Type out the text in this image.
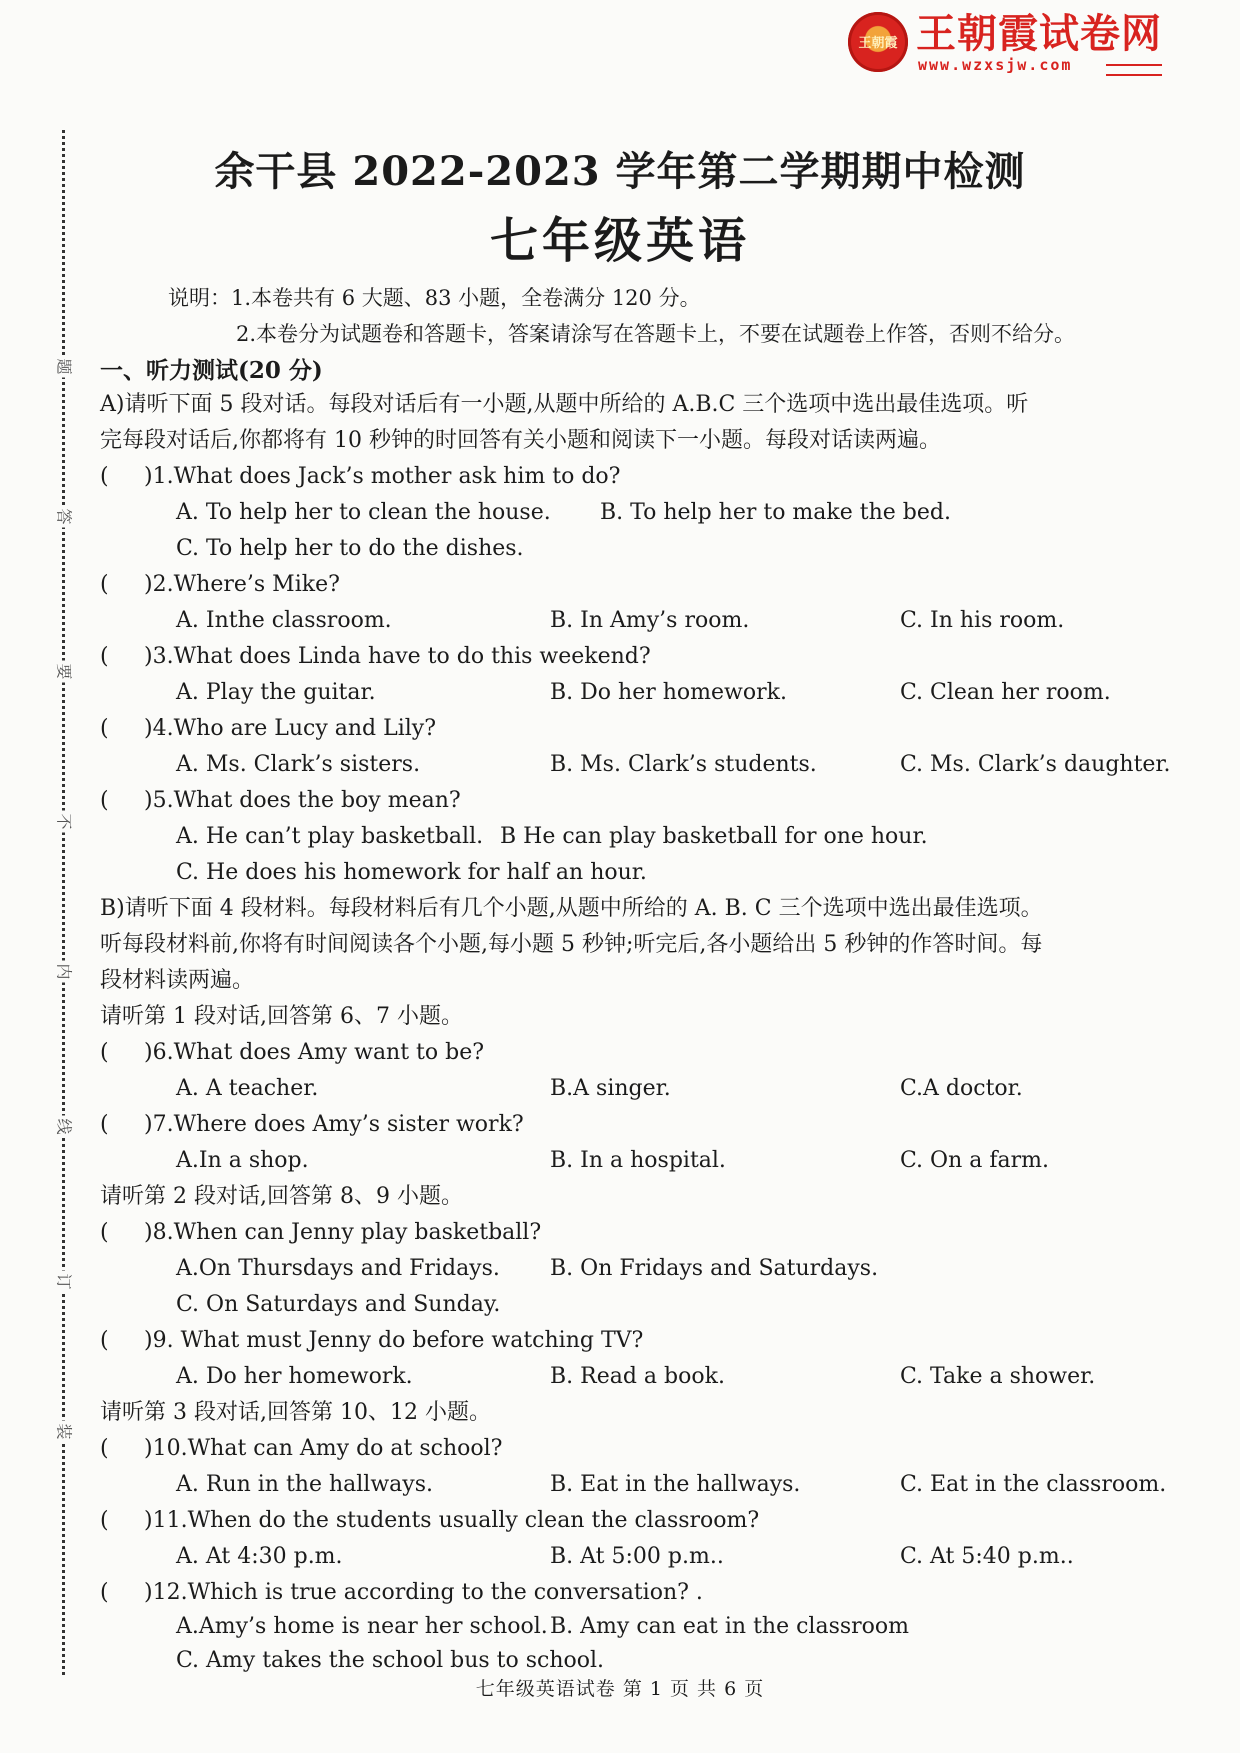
王朝霞 王朝霞试卷网
www.wzxsjw.com
题
答
要
不
内
线
订
装
余干县 2022-2023 学年第二学期期中检测
七年级英语
说明：1.本卷共有 6 大题、83 小题，全卷满分 120 分。
2.本卷分为试题卷和答题卡，答案请涂写在答题卡上，不要在试题卷上作答，否则不给分。
一、听力测试(20 分)
A)请听下面 5 段对话。每段对话后有一小题,从题中所给的 A.B.C 三个选项中选出最佳选项。听
完每段对话后,你都将有 10 秒钟的时回答有关小题和阅读下一小题。每段对话读两遍。
( )1.What does Jack’s mother ask him to do?
A. To help her to clean the house. B. To help her to make the bed.
C. To help her to do the dishes.
( )2.Where’s Mike?
A. Inthe classroom.	B. In Amy’s room.	C. In his room.
( )3.What does Linda have to do this weekend?
A. Play the guitar.	B. Do her homework.	C. Clean her room.
( )4.Who are Lucy and Lily?
A. Ms. Clark’s sisters.	B. Ms. Clark’s students.	C. Ms. Clark’s daughter.
( )5.What does the boy mean?
A. He can’t play basketball. B He can play basketball for one hour.
C. He does his homework for half an hour.
B)请听下面 4 段材料。每段材料后有几个小题,从题中所给的 A. B. C 三个选项中选出最佳选项。
听每段材料前,你将有时间阅读各个小题,每小题 5 秒钟;听完后,各小题给出 5 秒钟的作答时间。每
段材料读两遍。
请听第 1 段对话,回答第 6、7 小题。
( )6.What does Amy want to be?
A. A teacher.	B.A singer.	C.A doctor.
( )7.Where does Amy’s sister work?
A.In a shop.	B. In a hospital.	C. On a farm.
请听第 2 段对话,回答第 8、9 小题。
( )8.When can Jenny play basketball?
A.On Thursdays and Fridays. B. On Fridays and Saturdays.
C. On Saturdays and Sunday.
( )9. What must Jenny do before watching TV?
A. Do her homework.	B. Read a book.	C. Take a shower.
请听第 3 段对话,回答第 10、12 小题。
( )10.What can Amy do at school?
A. Run in the hallways.	B. Eat in the hallways.	C. Eat in the classroom.
( )11.When do the students usually clean the classroom?
A. At 4:30 p.m.	B. At 5:00 p.m..	C. At 5:40 p.m..
( )12.Which is true according to the conversation? .
A.Amy’s home is near her school. B. Amy can eat in the classroom
C. Amy takes the school bus to school.
七年级英语试卷 第 1 页 共 6 页
